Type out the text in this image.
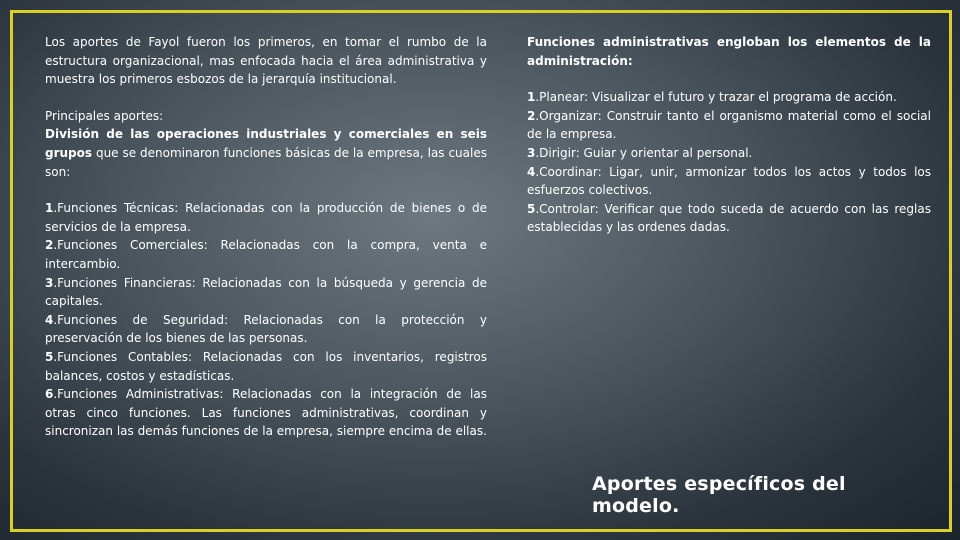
Los aportes de Fayol fueron los primeros, en tomar el rumbo de la estructura organizacional, mas enfocada hacia el área administrativa y muestra los primeros esbozos de la jerarquía institucional.

Principales aportes:

División de las operaciones industriales y comerciales en seis grupos que se denominaron funciones básicas de la empresa, las cuales son:

1.Funciones Técnicas: Relacionadas con la producción de bienes o de servicios de la empresa.

2.Funciones Comerciales: Relacionadas con la compra, venta e intercambio.

3.Funciones Financieras: Relacionadas con la búsqueda y gerencia de capitales.

4.Funciones de Seguridad: Relacionadas con la protección y preservación de los bienes de las personas.

5.Funciones Contables: Relacionadas con los inventarios, registros balances, costos y estadísticas.

6.Funciones Administrativas: Relacionadas con la integración de las otras cinco funciones. Las funciones administrativas, coordinan y sincronizan las demás funciones de la empresa, siempre encima de ellas.

Funciones administrativas engloban los elementos de la administración:

1.Planear: Visualizar el futuro y trazar el programa de acción.

2.Organizar: Construir tanto el organismo material como el social de la empresa.

3.Dirigir: Guiar y orientar al personal.

4.Coordinar: Ligar, unir, armonizar todos los actos y todos los esfuerzos colectivos.

5.Controlar: Verificar que todo suceda de acuerdo con las reglas establecidas y las ordenes dadas.

Aportes específicos del modelo.
